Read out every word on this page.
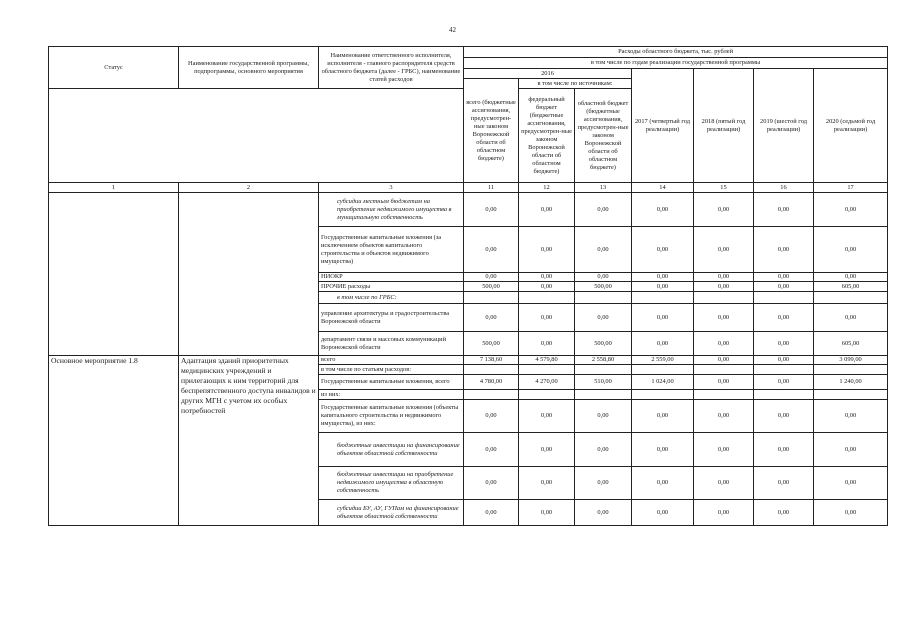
42
Статус	Наименование государственной программы, подпрограммы, основного мероприятия	Наименование ответственного исполнителя, исполнителя - главного распорядителя средств областного бюджета (далее - ГРБС), наименование статей расходов	Расходы областного бюджета, тыс. рублей						
			в том числе по годам реализации государственной программы						
			2016			2017 (четвертый год реализации)	2018 (пятый год реализации)	2019 (шестой год реализации)	2020 (седьмой год реализации)
			всего (бюджетные ассигнования, предусмотрен-ные законом Воронежской области об областном бюджете)	в том числе по источникам:					
				федеральный бюджет (бюджетные ассигнования, предусмотрен-ные законом Воронежской области об областном бюджете)	областной бюджет (бюджетные ассигнования, предусмотрен-ные законом Воронежской области об областном бюджете)				
1	2	3	11	12	13	14	15	16	17
		субсидии местным бюджетам на приобретение недвижимого имущества в муниципальную собственность	0,00	0,00	0,00	0,00	0,00	0,00	0,00
		Государственные капитальные вложения (за исключением объектов капитального строительства и объектов недвижимого имущества)	0,00	0,00	0,00	0,00	0,00	0,00	0,00
		НИОКР	0,00	0,00	0,00	0,00	0,00	0,00	0,00
		ПРОЧИЕ расходы	500,00	0,00	500,00	0,00	0,00	0,00	605,00
		в том числе по ГРБС:							
		управление архитектуры и градостроительства Воронежской области	0,00	0,00	0,00	0,00	0,00	0,00	0,00
		департамент связи и массовых коммуникаций Воронежской области	500,00	0,00	500,00	0,00	0,00	0,00	605,00
Основное мероприятие 1.8	Адаптация зданий приоритетных медицинских учреждений и прилегающих к ним территорий для беспрепятственного доступа инвалидов и других МГН с учетом их особых потребностей	всего	7 138,60	4 579,80	2 558,80	2 559,00	0,00	0,00	3 099,00
		в том числе по статьям расходов:							
		Государственные капитальные вложения, всего	4 780,00	4 270,00	510,00	1 024,00	0,00	0,00	1 240,00
		из них:							
		Государственные капитальные вложения (объекты капитального строительства и недвижимого имущества), из них:	0,00	0,00	0,00	0,00	0,00	0,00	0,00
		бюджетные инвестиции на финансирование объектов областной собственности	0,00	0,00	0,00	0,00	0,00	0,00	0,00
		бюджетные инвестиции на приобретение недвижимого имущества в областную собственность	0,00	0,00	0,00	0,00	0,00	0,00	0,00
		субсидии БУ, АУ, ГУПам на финансирование объектов областной собственности	0,00	0,00	0,00	0,00	0,00	0,00	0,00
